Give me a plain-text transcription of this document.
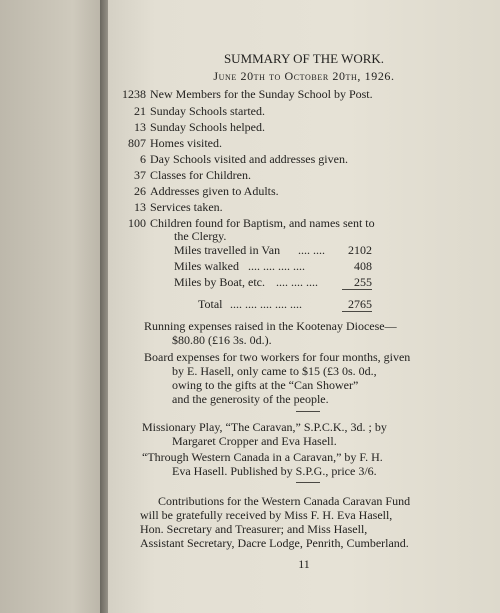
SUMMARY OF THE WORK.
June 20th to October 20th, 1926.
1238 New Members for the Sunday School by Post.
21 Sunday Schools started.
13 Sunday Schools helped.
807 Homes visited.
6 Day Schools visited and addresses given.
37 Classes for Children.
26 Addresses given to Adults.
13 Services taken.
100 Children found for Baptism, and names sent to
the Clergy.
Miles travelled in Van .... .... 2102
Miles walked .... .... .... ....	408
Miles by Boat, etc. .... .... ....	255
Total .... .... .... .... ....	2765
Running expenses raised in the Kootenay Diocese—
$80.80 (£16 3s. 0d.).
Board expenses for two workers for four months, given
by E. Hasell, only came to $15 (£3 0s. 0d.,
owing to the gifts at the “Can Shower”
and the generosity of the people.
Missionary Play, “The Caravan,” S.P.C.K., 3d. ; by
Margaret Cropper and Eva Hasell.
“Through Western Canada in a Caravan,” by F. H.
Eva Hasell. Published by S.P.G., price 3/6.
Contributions for the Western Canada Caravan Fund
will be gratefully received by Miss F. H. Eva Hasell,
Hon. Secretary and Treasurer; and Miss Hasell,
Assistant Secretary, Dacre Lodge, Penrith, Cumberland.
11
